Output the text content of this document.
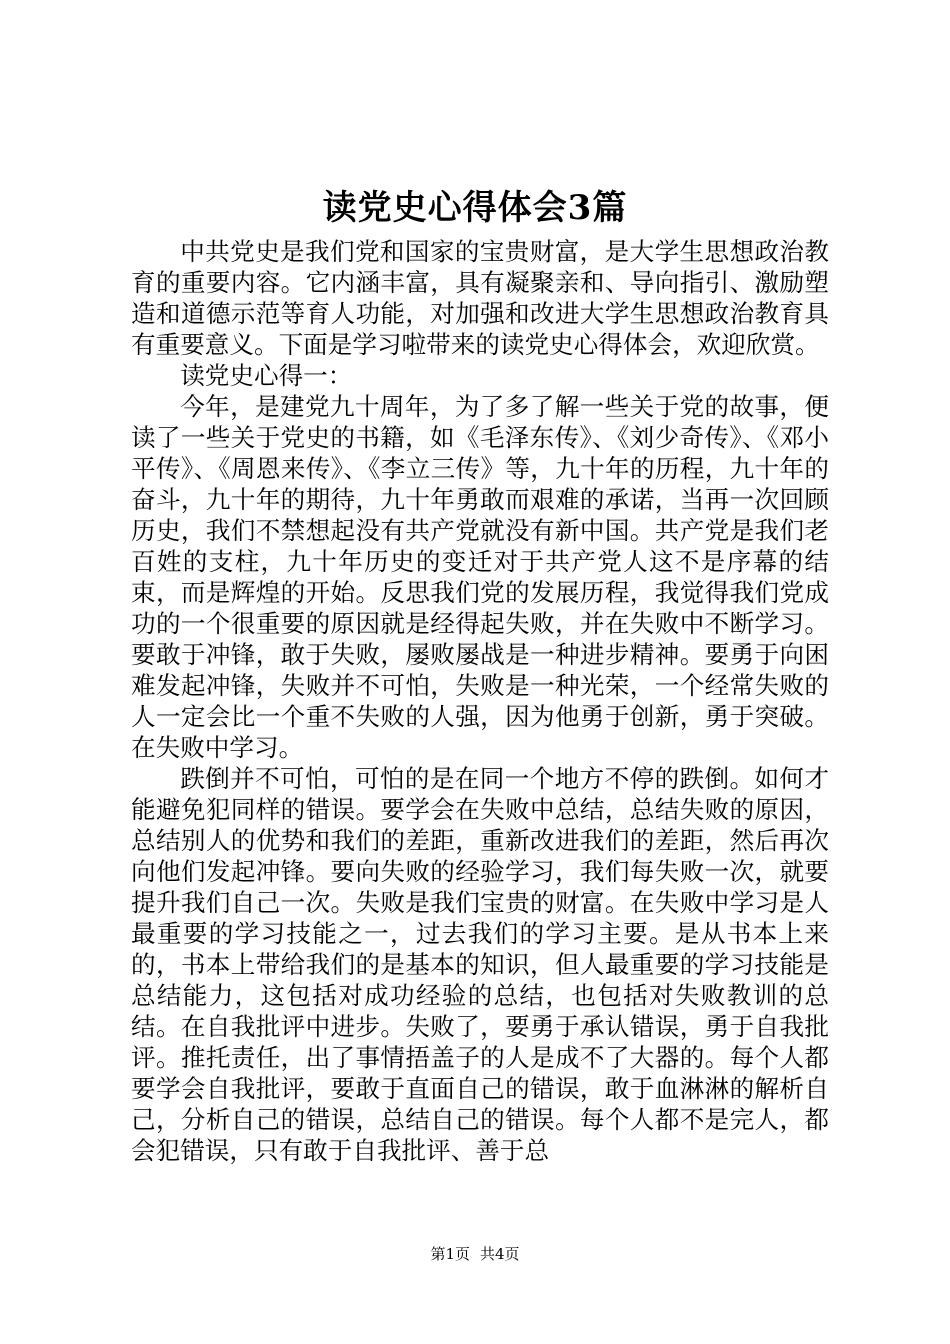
读党史心得体会3篇

中共党史是我们党和国家的宝贵财富，是大学生思想政治教育的重要内容。它内涵丰富，具有凝聚亲和、导向指引、激励塑造和道德示范等育人功能，对加强和改进大学生思想政治教育具有重要意义。下面是学习啦带来的读党史心得体会，欢迎欣赏。

读党史心得一：

今年，是建党九十周年，为了多了解一些关于党的故事，便读了一些关于党史的书籍，如《毛泽东传》、《刘少奇传》、《邓小平传》、《周恩来传》、《李立三传》等，九十年的历程，九十年的奋斗，九十年的期待，九十年勇敢而艰难的承诺，当再一次回顾历史，我们不禁想起没有共产党就没有新中国。共产党是我们老百姓的支柱，九十年历史的变迁对于共产党人这不是序幕的结束，而是辉煌的开始。反思我们党的发展历程，我觉得我们党成功的一个很重要的原因就是经得起失败，并在失败中不断学习。要敢于冲锋，敢于失败，屡败屡战是一种进步精神。要勇于向困难发起冲锋，失败并不可怕，失败是一种光荣，一个经常失败的人一定会比一个重不失败的人强，因为他勇于创新，勇于突破。在失败中学习。

跌倒并不可怕，可怕的是在同一个地方不停的跌倒。如何才能避免犯同样的错误。要学会在失败中总结，总结失败的原因，总结别人的优势和我们的差距，重新改进我们的差距，然后再次向他们发起冲锋。要向失败的经验学习，我们每失败一次，就要提升我们自己一次。失败是我们宝贵的财富。在失败中学习是人最重要的学习技能之一，过去我们的学习主要。是从书本上来的，书本上带给我们的是基本的知识，但人最重要的学习技能是总结能力，这包括对成功经验的总结，也包括对失败教训的总结。在自我批评中进步。失败了，要勇于承认错误，勇于自我批评。推托责任，出了事情捂盖子的人是成不了大器的。每个人都要学会自我批评，要敢于直面自己的错误，敢于血淋淋的解析自己，分析自己的错误，总结自己的错误。每个人都不是完人，都会犯错误，只有敢于自我批评、善于总

第1页 共4页
